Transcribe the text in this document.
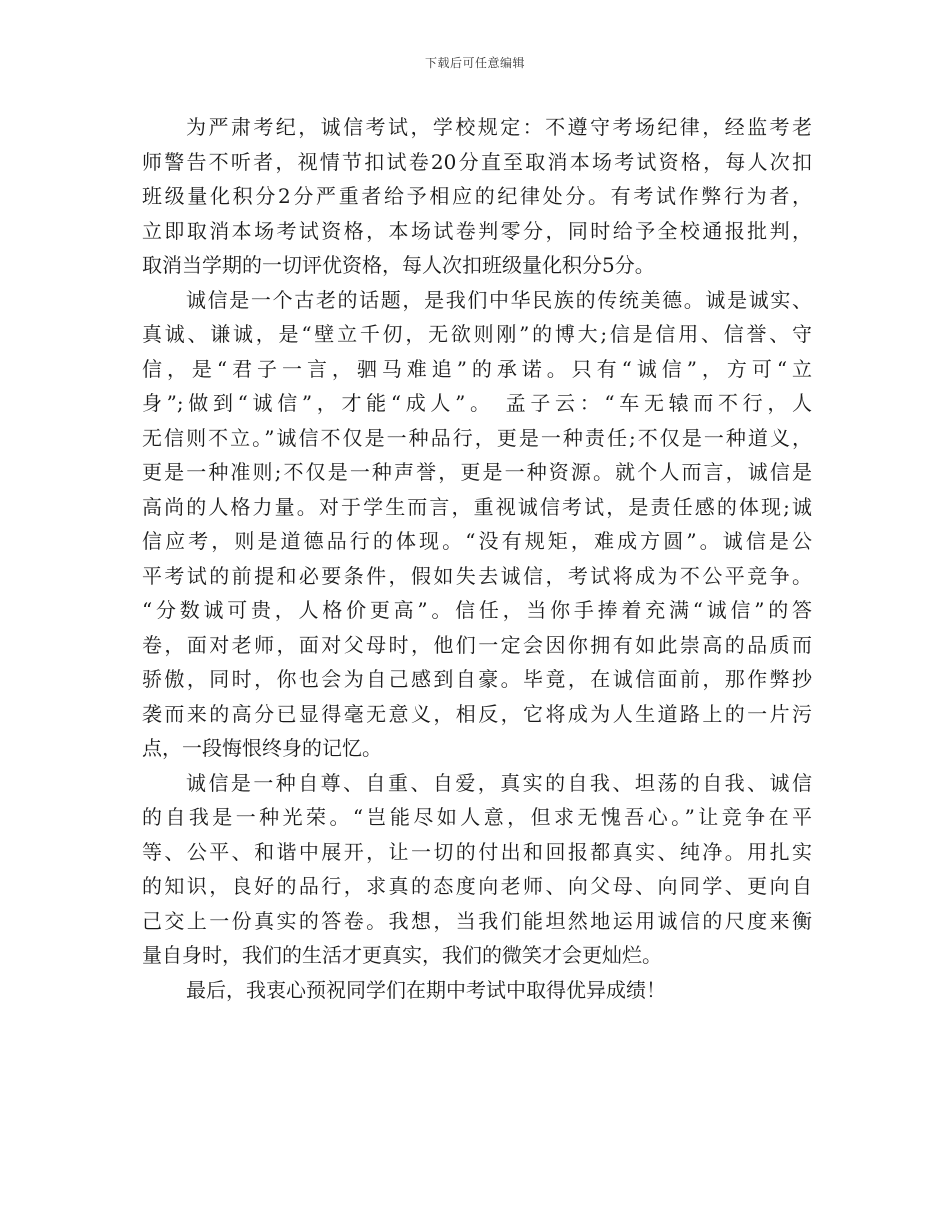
下载后可任意编辑
为严肃考纪，诚信考试，学校规定：不遵守考场纪律，经监考老
师警告不听者，视情节扣试卷20分直至取消本场考试资格，每人次扣
班级量化积分2分严重者给予相应的纪律处分。有考试作弊行为者，
立即取消本场考试资格，本场试卷判零分，同时给予全校通报批判，
取消当学期的一切评优资格，每人次扣班级量化积分5分。
诚信是一个古老的话题，是我们中华民族的传统美德。诚是诚实、
真诚、谦诚，是“壁立千仞，无欲则刚”的博大;信是信用、信誉、守
信，是“君子一言，驷马难追”的承诺。只有“诚信”，方可“立
身”;做到“诚信”，才能“成人”。 孟子云：“车无辕而不行，人
无信则不立。”诚信不仅是一种品行，更是一种责任;不仅是一种道义，
更是一种准则;不仅是一种声誉，更是一种资源。就个人而言，诚信是
高尚的人格力量。对于学生而言，重视诚信考试，是责任感的体现;诚
信应考，则是道德品行的体现。“没有规矩，难成方圆”。诚信是公
平考试的前提和必要条件，假如失去诚信，考试将成为不公平竞争。
“分数诚可贵，人格价更高”。信任，当你手捧着充满“诚信”的答
卷，面对老师，面对父母时，他们一定会因你拥有如此崇高的品质而
骄傲，同时，你也会为自己感到自豪。毕竟，在诚信面前，那作弊抄
袭而来的高分已显得毫无意义，相反，它将成为人生道路上的一片污
点，一段悔恨终身的记忆。
诚信是一种自尊、自重、自爱，真实的自我、坦荡的自我、诚信
的自我是一种光荣。“岂能尽如人意，但求无愧吾心。”让竞争在平
等、公平、和谐中展开，让一切的付出和回报都真实、纯净。用扎实
的知识，良好的品行，求真的态度向老师、向父母、向同学、更向自
己交上一份真实的答卷。我想，当我们能坦然地运用诚信的尺度来衡
量自身时，我们的生活才更真实，我们的微笑才会更灿烂。
最后，我衷心预祝同学们在期中考试中取得优异成绩！
